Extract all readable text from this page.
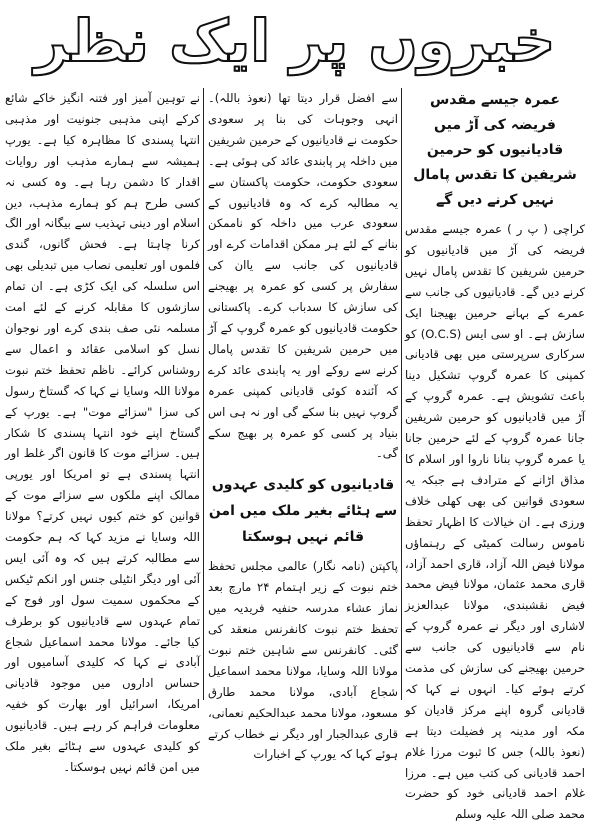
خبروں پر ایک نظر
عمرہ جیسے مقدس فریضہ کی آڑ میں قادیانیوں کو حرمین شریفین کا تقدس پامال نہیں کرنے دیں گے

کراچی ( پ ر ) عمرہ جیسے مقدس فریضہ کی آڑ میں قادیانیوں کو حرمین شریفین کا تقدس پامال نہیں کرنے دیں گے۔ قادیانیوں کی جانب سے عمرے کے بہانے حرمین بھیجنا ایک سازش ہے۔ او سی ایس (O.C.S) کو سرکاری سرپرستی میں بھی قادیانی کمپنی کا عمرہ گروپ تشکیل دینا باعث تشویش ہے۔ عمرہ گروپ کے آڑ میں قادیانیوں کو حرمین شریفین جانا عمرہ گروپ کے لئے حرمین جانا یا عمرہ گروپ بنانا ناروا اور اسلام کا مذاق اڑانے کے مترادف ہے جبکہ یہ سعودی قوانین کی بھی کھلی خلاف ورزی ہے۔ ان خیالات کا اظہار تحفظ ناموس رسالت کمیٹی کے رہنماؤں مولانا فیض اللہ آزاد، قاری احمد آزاد، قاری محمد عثمان، مولانا فیض محمد فیض نقشبندی، مولانا عبدالعزیز لاشاری اور دیگر نے عمرہ گروپ کے نام سے قادیانیوں کی جانب سے حرمین بھیجنے کی سازش کی مذمت کرتے ہوئے کیا۔ انہوں نے کہا کہ قادیانی گروہ اپنے مرکز قادیان کو مکہ اور مدینہ پر فضیلت دیتا ہے (نعوذ باللہ) جس کا ثبوت مرزا غلام احمد قادیانی کی کتب میں ہے۔ مرزا غلام احمد قادیانی خود کو حضرت محمد صلی اللہ علیہ وسلم

سے افضل قرار دیتا تھا (نعوذ باللہ)۔ انہی وجوہات کی بنا پر سعودی حکومت نے قادیانیوں کے حرمین شریفین میں داخلہ پر پابندی عائد کی ہوئی ہے۔ سعودی حکومت، حکومت پاکستان سے یہ مطالبہ کرے کہ وہ قادیانیوں کے سعودی عرب میں داخلہ کو ناممکن بنانے کے لئے ہر ممکن اقدامات کرے اور قادیانیوں کی جانب سے یاان کی سفارش پر کسی کو عمرہ پر بھیجنے کی سازش کا سدباب کرے۔ پاکستانی حکومت قادیانیوں کو عمرہ گروپ کے آڑ میں حرمین شریفین کا تقدس پامال کرنے سے روکے اور یہ پابندی عائد کرے کہ آئندہ کوئی قادیانی کمپنی عمرہ گروپ نہیں بنا سکے گی اور نہ ہی اس بنیاد پر کسی کو عمرہ پر بھیج سکے گی۔

قادیانیوں کو کلیدی عہدوں سے ہٹائے بغیر ملک میں امن قائم نہیں ہوسکتا

پاکپتن (نامہ نگار) عالمی مجلس تحفظ ختم نبوت کے زیر اہتمام ۲۴ مارچ بعد نماز عشاء مدرسہ حنفیہ فریدیہ میں تحفظ ختم نبوت کانفرنس منعقد کی گئی۔ کانفرنس سے شاہین ختم نبوت مولانا اللہ وسایا، مولانا محمد اسماعیل شجاع آبادی، مولانا محمد طارق مسعود، مولانا محمد عبدالحکیم نعمانی، قاری عبدالجبار اور دیگر نے خطاب کرتے ہوئے کہا کہ یورپ کے اخبارات

نے توہین آمیز اور فتنہ انگیز خاکے شائع کرکے اپنی مذہبی جنونیت اور مذہبی انتہا پسندی کا مظاہرہ کیا ہے۔ یورپ ہمیشہ سے ہمارے مذہب اور روایات اقدار کا دشمن رہا ہے۔ وہ کسی نہ کسی طرح ہم کو ہمارے مذہب، دین اسلام اور دینی تہذیب سے بیگانہ اور الگ کرنا چاہتا ہے۔ فحش گانوں، گندی فلموں اور تعلیمی نصاب میں تبدیلی بھی اس سلسلہ کی ایک کڑی ہے۔ ان تمام سازشوں کا مقابلہ کرنے کے لئے امت مسلمہ نئی صف بندی کرے اور نوجوان نسل کو اسلامی عقائد و اعمال سے روشناس کرائے۔ ناظم تحفظ ختم نبوت مولانا اللہ وسایا نے کہا کہ گستاخ رسول کی سزا "سزائے موت" ہے۔ یورپ کے گستاخ اپنے خود انتہا پسندی کا شکار ہیں۔ سزائے موت کا قانون اگر غلط اور انتہا پسندی ہے تو امریکا اور یورپی ممالک اپنے ملکوں سے سزائے موت کے قوانین کو ختم کیوں نہیں کرتے؟ مولانا اللہ وسایا نے مزید کہا کہ ہم حکومت سے مطالبہ کرتے ہیں کہ وہ آئی ایس آئی اور دیگر انٹیلی جنس اور انکم ٹیکس کے محکموں سمیت سول اور فوج کے تمام عہدوں سے قادیانیوں کو برطرف کیا جائے۔ مولانا محمد اسماعیل شجاع آبادی نے کہا کہ کلیدی آسامیوں اور حساس اداروں میں موجود قادیانی امریکا، اسرائیل اور بھارت کو خفیہ معلومات فراہم کر رہے ہیں۔ قادیانیوں کو کلیدی عہدوں سے ہٹائے بغیر ملک میں امن قائم نہیں ہوسکتا۔
